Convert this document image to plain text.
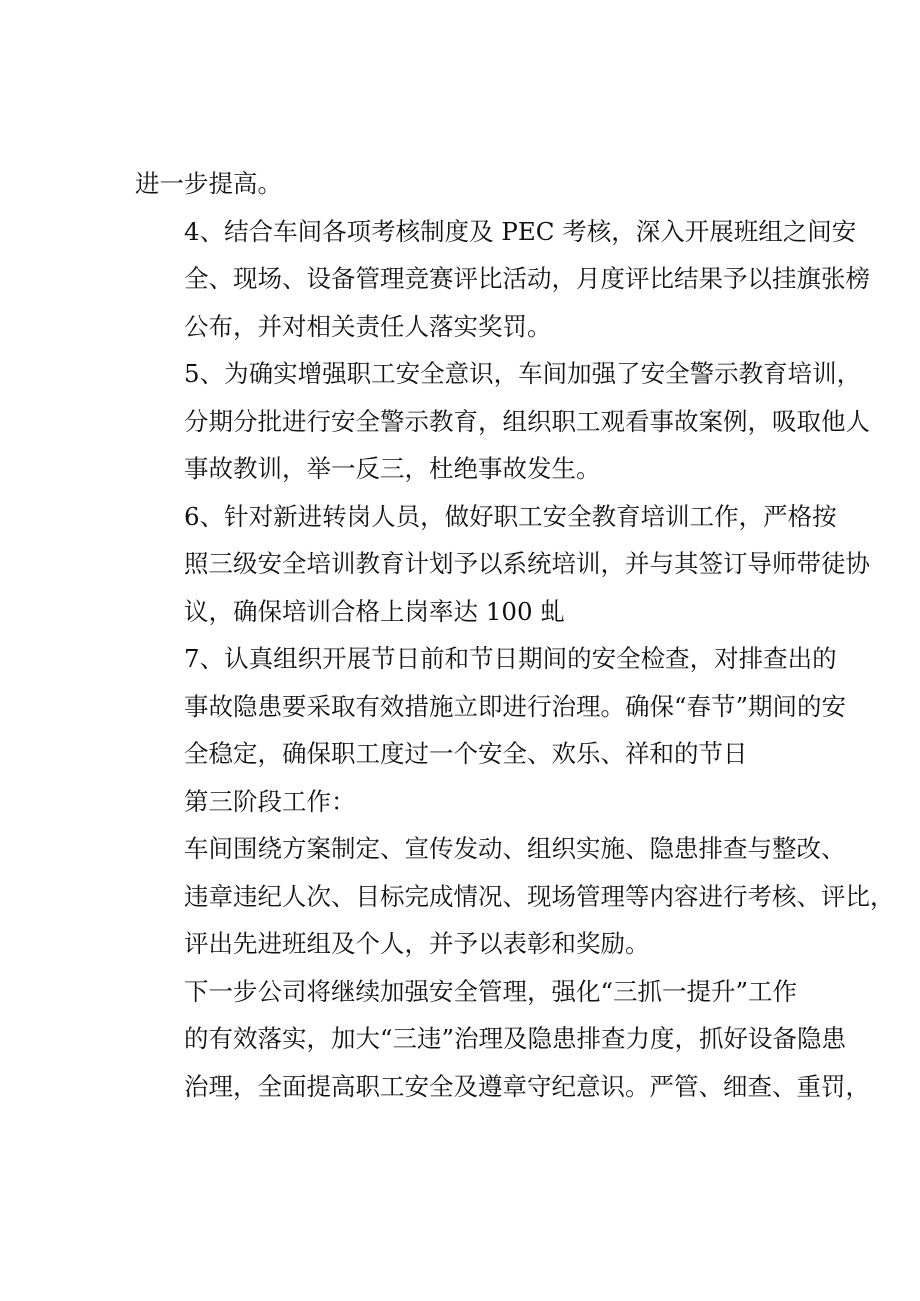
进一步提高。

4、结合车间各项考核制度及 PEC 考核，深入开展班组之间安
全、现场、设备管理竞赛评比活动，月度评比结果予以挂旗张榜
公布，并对相关责任人落实奖罚。

5、为确实增强职工安全意识，车间加强了安全警示教育培训，
分期分批进行安全警示教育，组织职工观看事故案例，吸取他人
事故教训，举一反三，杜绝事故发生。

6、针对新进转岗人员，做好职工安全教育培训工作，严格按
照三级安全培训教育计划予以系统培训，并与其签订导师带徒协
议，确保培训合格上岗率达 100 虬

7、认真组织开展节日前和节日期间的安全检查，对排查出的
事故隐患要采取有效措施立即进行治理。确保“春节”期间的安
全稳定，确保职工度过一个安全、欢乐、祥和的节日

第三阶段工作：

车间围绕方案制定、宣传发动、组织实施、隐患排查与整改、
违章违纪人次、目标完成情况、现场管理等内容进行考核、评比，
评出先进班组及个人，并予以表彰和奖励。

下一步公司将继续加强安全管理，强化“三抓一提升”工作
的有效落实，加大“三违”治理及隐患排查力度，抓好设备隐患
治理，全面提高职工安全及遵章守纪意识。严管、细查、重罚，
